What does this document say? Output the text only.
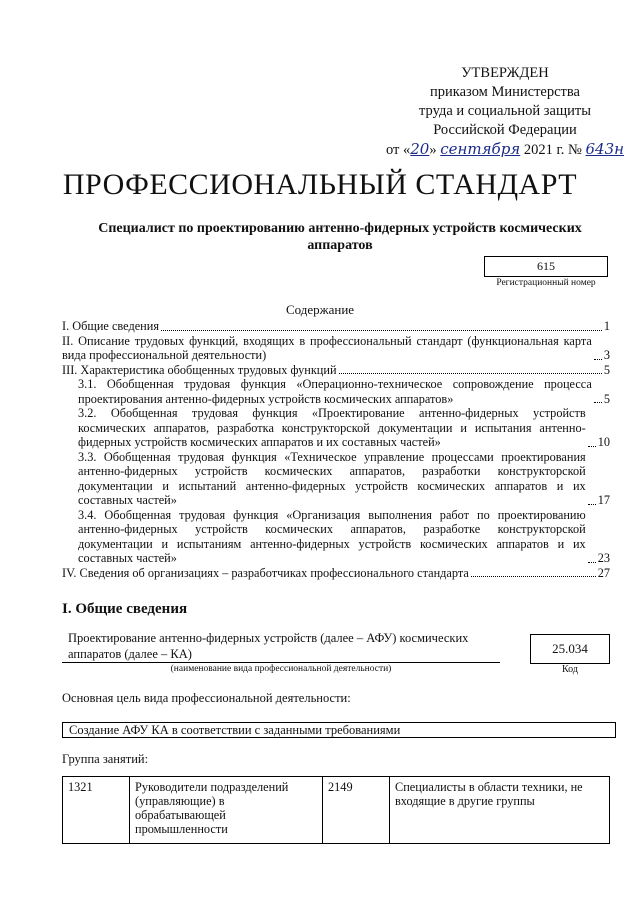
УТВЕРЖДЕН
приказом Министерства
труда и социальной защиты
Российской Федерации
от «20» сентября 2021 г. № 643н
ПРОФЕССИОНАЛЬНЫЙ СТАНДАРТ
Специалист по проектированию антенно-фидерных устройств космических аппаратов
615
Регистрационный номер
Содержание
I. Общие сведения	1
II. Описание трудовых функций, входящих в профессиональный стандарт (функциональная карта вида профессиональной деятельности)	3
III. Характеристика обобщенных трудовых функций	5
3.1. Обобщенная трудовая функция «Операционно-техническое сопровождение процесса проектирования антенно-фидерных устройств космических аппаратов»	5
3.2. Обобщенная трудовая функция «Проектирование антенно-фидерных устройств космических аппаратов, разработка конструкторской документации и испытания антенно-фидерных устройств космических аппаратов и их составных частей»	10
3.3. Обобщенная трудовая функция «Техническое управление процессами проектирования антенно-фидерных устройств космических аппаратов, разработки конструкторской документации и испытаний антенно-фидерных устройств космических аппаратов и их составных частей»	17
3.4. Обобщенная трудовая функция «Организация выполнения работ по проектированию антенно-фидерных устройств космических аппаратов, разработке конструкторской документации и испытаниям антенно-фидерных устройств космических аппаратов и их составных частей»	23
IV. Сведения об организациях – разработчиках профессионального стандарта	27
I. Общие сведения
Проектирование антенно-фидерных устройств (далее – АФУ) космических аппаратов (далее – КА)
(наименование вида профессиональной деятельности)
25.034
Код
Основная цель вида профессиональной деятельности:
Создание АФУ КА в соответствии с заданными требованиями
Группа занятий:
1321	Руководители подразделений (управляющие) в обрабатывающей промышленности	2149	Специалисты в области техники, не входящие в другие группы
